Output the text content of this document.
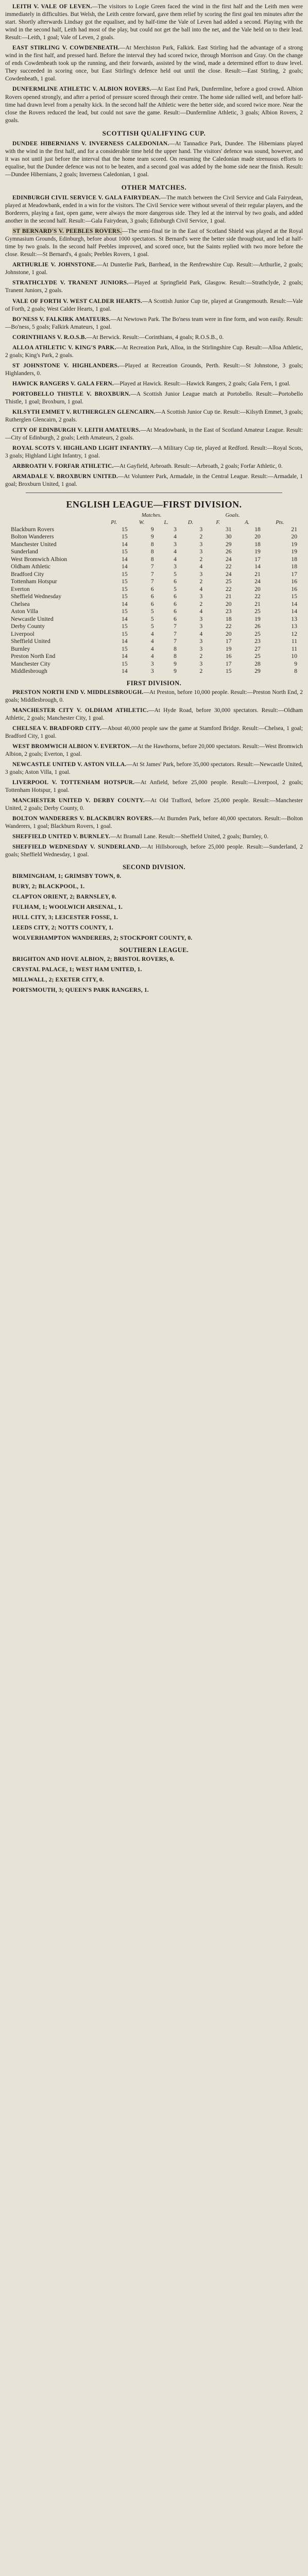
LEITH V. VALE OF LEVEN.—The visitors to Logie Green faced the wind in the first half and the Leith men were immediately in difficulties. But Welsh, the Leith centre forward, gave them relief by scoring the first goal ten minutes after the start. Shortly afterwards Lindsay got the equaliser, and by half-time the Vale of Leven had added a second. Playing with the wind in the second half, Leith had most of the play, but could not get the ball into the net, and the Vale held on to their lead. Result:—Leith, 1 goal; Vale of Leven, 2 goals.

EAST STIRLING V. COWDENBEATH.—At Merchiston Park, Falkirk. East Stirling had the advantage of a strong wind in the first half, and pressed hard. Before the interval they had scored twice, through Morrison and Gray. On the change of ends Cowdenbeath took up the running, and their forwards, assisted by the wind, made a determined effort to draw level. They succeeded in scoring once, but East Stirling's defence held out until the close. Result:—East Stirling, 2 goals; Cowdenbeath, 1 goal.

DUNFERMLINE ATHLETIC V. ALBION ROVERS.—At East End Park, Dunfermline, before a good crowd. Albion Rovers opened strongly, and after a period of pressure scored through their centre. The home side rallied well, and before half-time had drawn level from a penalty kick. In the second half the Athletic were the better side, and scored twice more. Near the close the Rovers reduced the lead, but could not save the game. Result:—Dunfermline Athletic, 3 goals; Albion Rovers, 2 goals.

SCOTTISH QUALIFYING CUP.

DUNDEE HIBERNIANS V. INVERNESS CALEDONIAN.—At Tannadice Park, Dundee. The Hibernians played with the wind in the first half, and for a considerable time held the upper hand. The visitors' defence was sound, however, and it was not until just before the interval that the home team scored. On resuming the Caledonian made strenuous efforts to equalise, but the Dundee defence was not to be beaten, and a second goal was added by the home side near the finish. Result:—Dundee Hibernians, 2 goals; Inverness Caledonian, 1 goal.

OTHER MATCHES.

EDINBURGH CIVIL SERVICE V. GALA FAIRYDEAN.—The match between the Civil Service and Gala Fairydean, played at Meadowbank, ended in a win for the visitors. The Civil Service were without several of their regular players, and the Borderers, playing a fast, open game, were always the more dangerous side. They led at the interval by two goals, and added another in the second half. Result:—Gala Fairydean, 3 goals; Edinburgh Civil Service, 1 goal.

ST BERNARD'S V. PEEBLES ROVERS.—The semi-final tie in the East of Scotland Shield was played at the Royal Gymnasium Grounds, Edinburgh, before about 1000 spectators. St Bernard's were the better side throughout, and led at half-time by two goals. In the second half Peebles improved, and scored once, but the Saints replied with two more before the close. Result:—St Bernard's, 4 goals; Peebles Rovers, 1 goal.

ARTHURLIE V. JOHNSTONE.—At Dunterlie Park, Barrhead, in the Renfrewshire Cup. Result:—Arthurlie, 2 goals; Johnstone, 1 goal.

STRATHCLYDE V. TRANENT JUNIORS.—Played at Springfield Park, Glasgow. Result:—Strathclyde, 2 goals; Tranent Juniors, 2 goals.

VALE OF FORTH V. WEST CALDER HEARTS.—A Scottish Junior Cup tie, played at Grangemouth. Result:—Vale of Forth, 2 goals; West Calder Hearts, 1 goal.

BO'NESS V. FALKIRK AMATEURS.—At Newtown Park. The Bo'ness team were in fine form, and won easily. Result:—Bo'ness, 5 goals; Falkirk Amateurs, 1 goal.

CORINTHIANS V. R.O.S.B.—At Berwick. Result:—Corinthians, 4 goals; R.O.S.B., 0.

ALLOA ATHLETIC V. KING'S PARK.—At Recreation Park, Alloa, in the Stirlingshire Cup. Result:—Alloa Athletic, 2 goals; King's Park, 2 goals.

ST JOHNSTONE V. HIGHLANDERS.—Played at Recreation Grounds, Perth. Result:—St Johnstone, 3 goals; Highlanders, 0.

HAWICK RANGERS V. GALA FERN.—Played at Hawick. Result:—Hawick Rangers, 2 goals; Gala Fern, 1 goal.

PORTOBELLO THISTLE V. BROXBURN.—A Scottish Junior League match at Portobello. Result:—Portobello Thistle, 1 goal; Broxburn, 1 goal.

KILSYTH EMMET V. RUTHERGLEN GLENCAIRN.—A Scottish Junior Cup tie. Result:—Kilsyth Emmet, 3 goals; Rutherglen Glencairn, 2 goals.

CITY OF EDINBURGH V. LEITH AMATEURS.—At Meadowbank, in the East of Scotland Amateur League. Result:—City of Edinburgh, 2 goals; Leith Amateurs, 2 goals.

ROYAL SCOTS V. HIGHLAND LIGHT INFANTRY.—A Military Cup tie, played at Redford. Result:—Royal Scots, 3 goals; Highland Light Infantry, 1 goal.

ARBROATH V. FORFAR ATHLETIC.—At Gayfield, Arbroath. Result:—Arbroath, 2 goals; Forfar Athletic, 0.

ARMADALE V. BROXBURN UNITED.—At Volunteer Park, Armadale, in the Central League. Result:—Armadale, 1 goal; Broxburn United, 1 goal.

ENGLISH LEAGUE—FIRST DIVISION.
	Matches.				Goals.		
	Pl.	W.	L.	D.	F.	A.	Pts.
Blackburn Rovers	15	9	3	3	31	18	21
Bolton Wanderers	15	9	4	2	30	20	20
Manchester United	14	8	3	3	29	18	19
Sunderland	15	8	4	3	26	19	19
West Bromwich Albion	14	8	4	2	24	17	18
Oldham Athletic	14	7	3	4	22	14	18
Bradford City	15	7	5	3	24	21	17
Tottenham Hotspur	15	7	6	2	25	24	16
Everton	15	6	5	4	22	20	16
Sheffield Wednesday	15	6	6	3	21	22	15
Chelsea	14	6	6	2	20	21	14
Aston Villa	15	5	6	4	23	25	14
Newcastle United	14	5	6	3	18	19	13
Derby County	15	5	7	3	22	26	13
Liverpool	15	4	7	4	20	25	12
Sheffield United	14	4	7	3	17	23	11
Burnley	15	4	8	3	19	27	11
Preston North End	14	4	8	2	16	25	10
Manchester City	15	3	9	3	17	28	9
Middlesbrough	14	3	9	2	15	29	8
FIRST DIVISION.

PRESTON NORTH END V. MIDDLESBROUGH.—At Preston, before 10,000 people. Result:—Preston North End, 2 goals; Middlesbrough, 0.

MANCHESTER CITY V. OLDHAM ATHLETIC.—At Hyde Road, before 30,000 spectators. Result:—Oldham Athletic, 2 goals; Manchester City, 1 goal.

CHELSEA V. BRADFORD CITY.—About 40,000 people saw the game at Stamford Bridge. Result:—Chelsea, 1 goal; Bradford City, 1 goal.

WEST BROMWICH ALBION V. EVERTON.—At the Hawthorns, before 20,000 spectators. Result:—West Bromwich Albion, 2 goals; Everton, 1 goal.

NEWCASTLE UNITED V. ASTON VILLA.—At St James' Park, before 35,000 spectators. Result:—Newcastle United, 3 goals; Aston Villa, 1 goal.

LIVERPOOL V. TOTTENHAM HOTSPUR.—At Anfield, before 25,000 people. Result:—Liverpool, 2 goals; Tottenham Hotspur, 1 goal.

MANCHESTER UNITED V. DERBY COUNTY.—At Old Trafford, before 25,000 people. Result:—Manchester United, 2 goals; Derby County, 0.

BOLTON WANDERERS V. BLACKBURN ROVERS.—At Burnden Park, before 40,000 spectators. Result:—Bolton Wanderers, 1 goal; Blackburn Rovers, 1 goal.

SHEFFIELD UNITED V. BURNLEY.—At Bramall Lane. Result:—Sheffield United, 2 goals; Burnley, 0.

SHEFFIELD WEDNESDAY V. SUNDERLAND.—At Hillsborough, before 25,000 people. Result:—Sunderland, 2 goals; Sheffield Wednesday, 1 goal.

SECOND DIVISION.

BIRMINGHAM, 1; GRIMSBY TOWN, 0.

BURY, 2; BLACKPOOL, 1.

CLAPTON ORIENT, 2; BARNSLEY, 0.

FULHAM, 1; WOOLWICH ARSENAL, 1.

HULL CITY, 3; LEICESTER FOSSE, 1.

LEEDS CITY, 2; NOTTS COUNTY, 1.

WOLVERHAMPTON WANDERERS, 2; STOCKPORT COUNTY, 0.

SOUTHERN LEAGUE.

BRIGHTON AND HOVE ALBION, 2; BRISTOL ROVERS, 0.

CRYSTAL PALACE, 1; WEST HAM UNITED, 1.

MILLWALL, 2; EXETER CITY, 0.

PORTSMOUTH, 3; QUEEN'S PARK RANGERS, 1.
